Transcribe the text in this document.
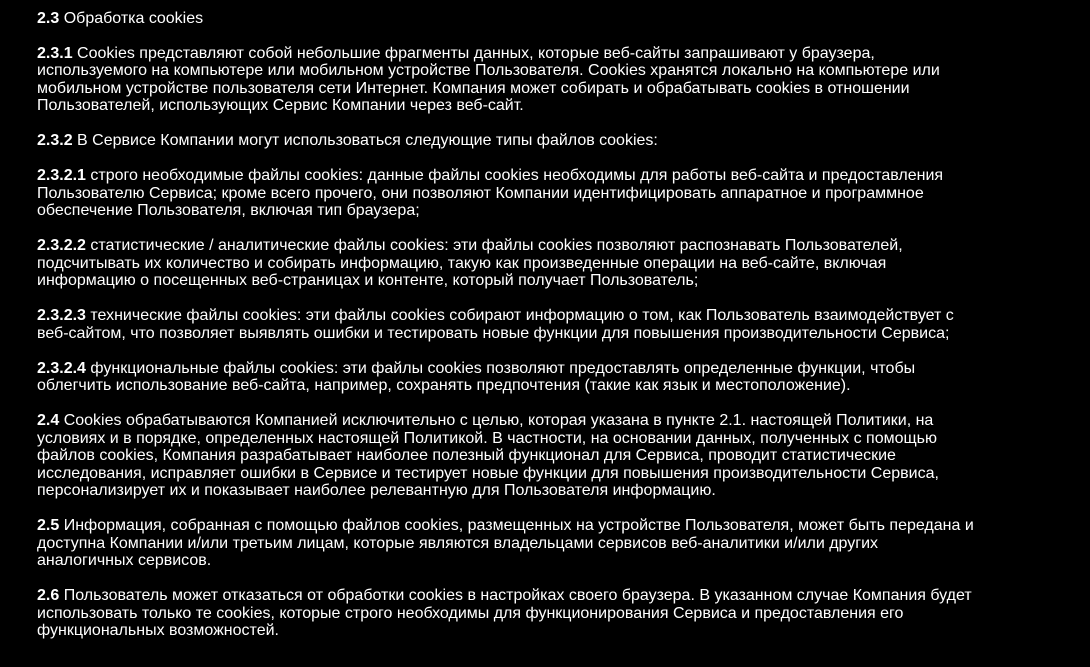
2.3 Обработка cookies

2.3.1 Cookies представляют собой небольшие фрагменты данных, которые веб-сайты запрашивают у браузера, используемого на компьютере или мобильном устройстве Пользователя. Cookies хранятся локально на компьютере или мобильном устройстве пользователя сети Интернет. Компания может собирать и обрабатывать cookies в отношении Пользователей, использующих Сервис Компании через веб-сайт.

2.3.2 В Сервисе Компании могут использоваться следующие типы файлов cookies:

2.3.2.1 строго необходимые файлы cookies: данные файлы cookies необходимы для работы веб-сайта и предоставления Пользователю Сервиса; кроме всего прочего, они позволяют Компании идентифицировать аппаратное и программное обеспечение Пользователя, включая тип браузера;

2.3.2.2 статистические / аналитические файлы cookies: эти файлы cookies позволяют распознавать Пользователей, подсчитывать их количество и собирать информацию, такую как произведенные операции на веб-сайте, включая информацию о посещенных веб-страницах и контенте, который получает Пользователь;

2.3.2.3 технические файлы cookies: эти файлы cookies собирают информацию о том, как Пользователь взаимодействует с веб-сайтом, что позволяет выявлять ошибки и тестировать новые функции для повышения производительности Сервиса;

2.3.2.4 функциональные файлы cookies: эти файлы cookies позволяют предоставлять определенные функции, чтобы облегчить использование веб-сайта, например, сохранять предпочтения (такие как язык и местоположение).

2.4 Cookies обрабатываются Компанией исключительно с целью, которая указана в пункте 2.1. настоящей Политики, на условиях и в порядке, определенных настоящей Политикой. В частности, на основании данных, полученных с помощью файлов cookies, Компания разрабатывает наиболее полезный функционал для Сервиса, проводит статистические исследования, исправляет ошибки в Сервисе и тестирует новые функции для повышения производительности Сервиса, персонализирует их и показывает наиболее релевантную для Пользователя информацию.

2.5 Информация, собранная с помощью файлов cookies, размещенных на устройстве Пользователя, может быть передана и доступна Компании и/или третьим лицам, которые являются владельцами сервисов веб-аналитики и/или других аналогичных сервисов.

2.6 Пользователь может отказаться от обработки cookies в настройках своего браузера. В указанном случае Компания будет использовать только те cookies, которые строго необходимы для функционирования Сервиса и предоставления его функциональных возможностей.
